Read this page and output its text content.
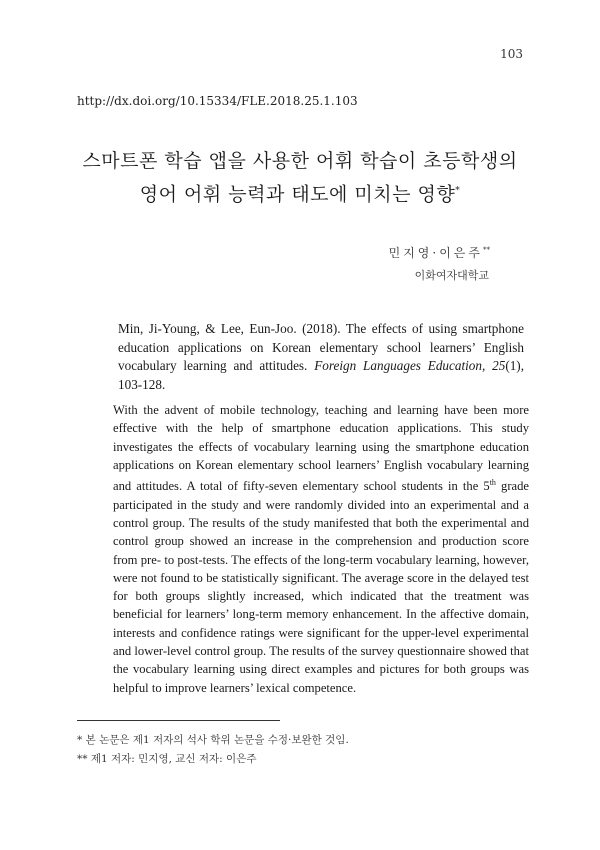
103
http://dx.doi.org/10.15334/FLE.2018.25.1.103
스마트폰 학습 앱을 사용한 어휘 학습이 초등학생의
영어 어휘 능력과 태도에 미치는 영향*
민지영·이은주**
이화여자대학교
Min, Ji-Young, & Lee, Eun-Joo. (2018). The effects of using smartphone education applications on Korean elementary school learners’ English vocabulary learning and attitudes. Foreign Languages Education, 25(1), 103-128.
With the advent of mobile technology, teaching and learning have been more effective with the help of smartphone education applications. This study investigates the effects of vocabulary learning using the smartphone education applications on Korean elementary school learners’ English vocabulary learning and attitudes. A total of fifty-seven elementary school students in the 5th grade participated in the study and were randomly divided into an experimental and a control group. The results of the study manifested that both the experimental and control group showed an increase in the comprehension and production score from pre- to post-tests. The effects of the long-term vocabulary learning, however, were not found to be statistically significant. The average score in the delayed test for both groups slightly increased, which indicated that the treatment was beneficial for learners’ long-term memory enhancement. In the affective domain, interests and confidence ratings were significant for the upper-level experimental and lower-level control group. The results of the survey questionnaire showed that the vocabulary learning using direct examples and pictures for both groups was helpful to improve learners’ lexical competence.
* 본 논문은 제1 저자의 석사 학위 논문을 수정·보완한 것임.
** 제1 저자: 민지영, 교신 저자: 이은주
